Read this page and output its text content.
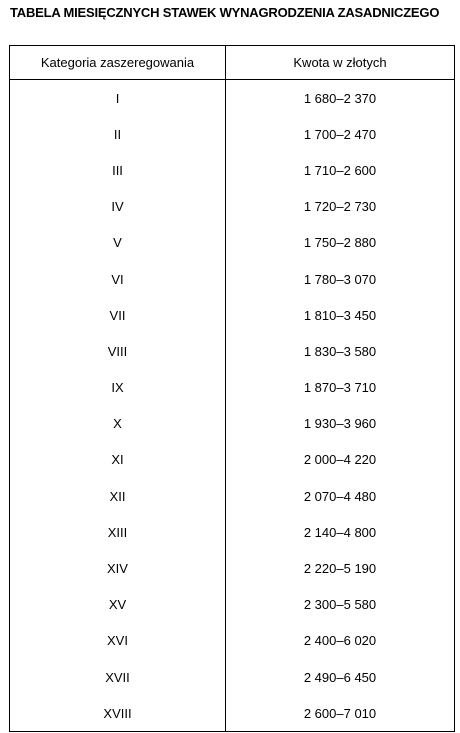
TABELA MIESIĘCZNYCH STAWEK WYNAGRODZENIA ZASADNICZEGO
Kategoria zaszeregowania	Kwota w złotych
I	1 680–2 370
II	1 700–2 470
III	1 710–2 600
IV	1 720–2 730
V	1 750–2 880
VI	1 780–3 070
VII	1 810–3 450
VIII	1 830–3 580
IX	1 870–3 710
X	1 930–3 960
XI	2 000–4 220
XII	2 070–4 480
XIII	2 140–4 800
XIV	2 220–5 190
XV	2 300–5 580
XVI	2 400–6 020
XVII	2 490–6 450
XVIII	2 600–7 010
